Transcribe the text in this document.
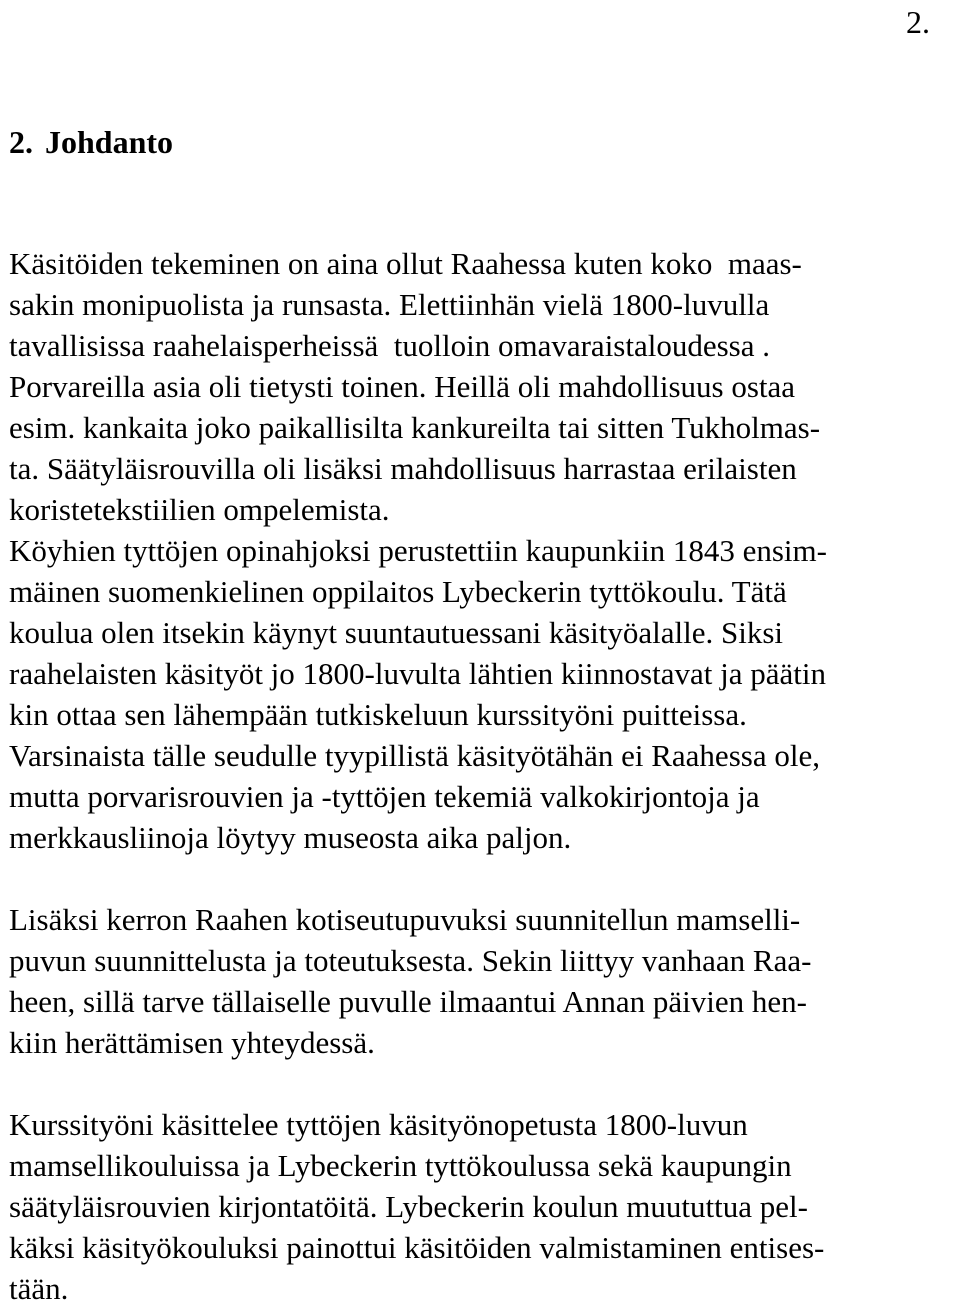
2.
2. Johdanto

Käsitöiden tekeminen on aina ollut Raahessa kuten koko  maas-

sakin monipuolista ja runsasta. Elettiinhän vielä 1800-luvulla

tavallisissa raahelaisperheissä  tuolloin omavaraistaloudessa .

Porvareilla asia oli tietysti toinen. Heillä oli mahdollisuus ostaa

esim. kankaita joko paikallisilta kankureilta tai sitten Tukholmas-

ta. Säätyläisrouvilla oli lisäksi mahdollisuus harrastaa erilaisten

koristetekstiilien ompelemista.

Köyhien tyttöjen opinahjoksi perustettiin kaupunkiin 1843 ensim-

mäinen suomenkielinen oppilaitos Lybeckerin tyttökoulu. Tätä

koulua olen itsekin käynyt suuntautuessani käsityöalalle. Siksi

raahelaisten käsityöt jo 1800-luvulta lähtien kiinnostavat ja päätin

kin ottaa sen lähempään tutkiskeluun kurssityöni puitteissa.

Varsinaista tälle seudulle tyypillistä käsityötähän ei Raahessa ole,

mutta porvarisrouvien ja -tyttöjen tekemiä valkokirjontoja ja

merkkausliinoja löytyy museosta aika paljon.

Lisäksi kerron Raahen kotiseutupuvuksi suunnitellun mamselli-

puvun suunnittelusta ja toteutuksesta. Sekin liittyy vanhaan Raa-

heen, sillä tarve tällaiselle puvulle ilmaantui Annan päivien hen-

kiin herättämisen yhteydessä.

Kurssityöni käsittelee tyttöjen käsityönopetusta 1800-luvun

mamsellikouluissa ja Lybeckerin tyttökoulussa sekä kaupungin

säätyläisrouvien kirjontatöitä. Lybeckerin koulun muututtua pel-

käksi käsityökouluksi painottui käsitöiden valmistaminen entises-

tään.
